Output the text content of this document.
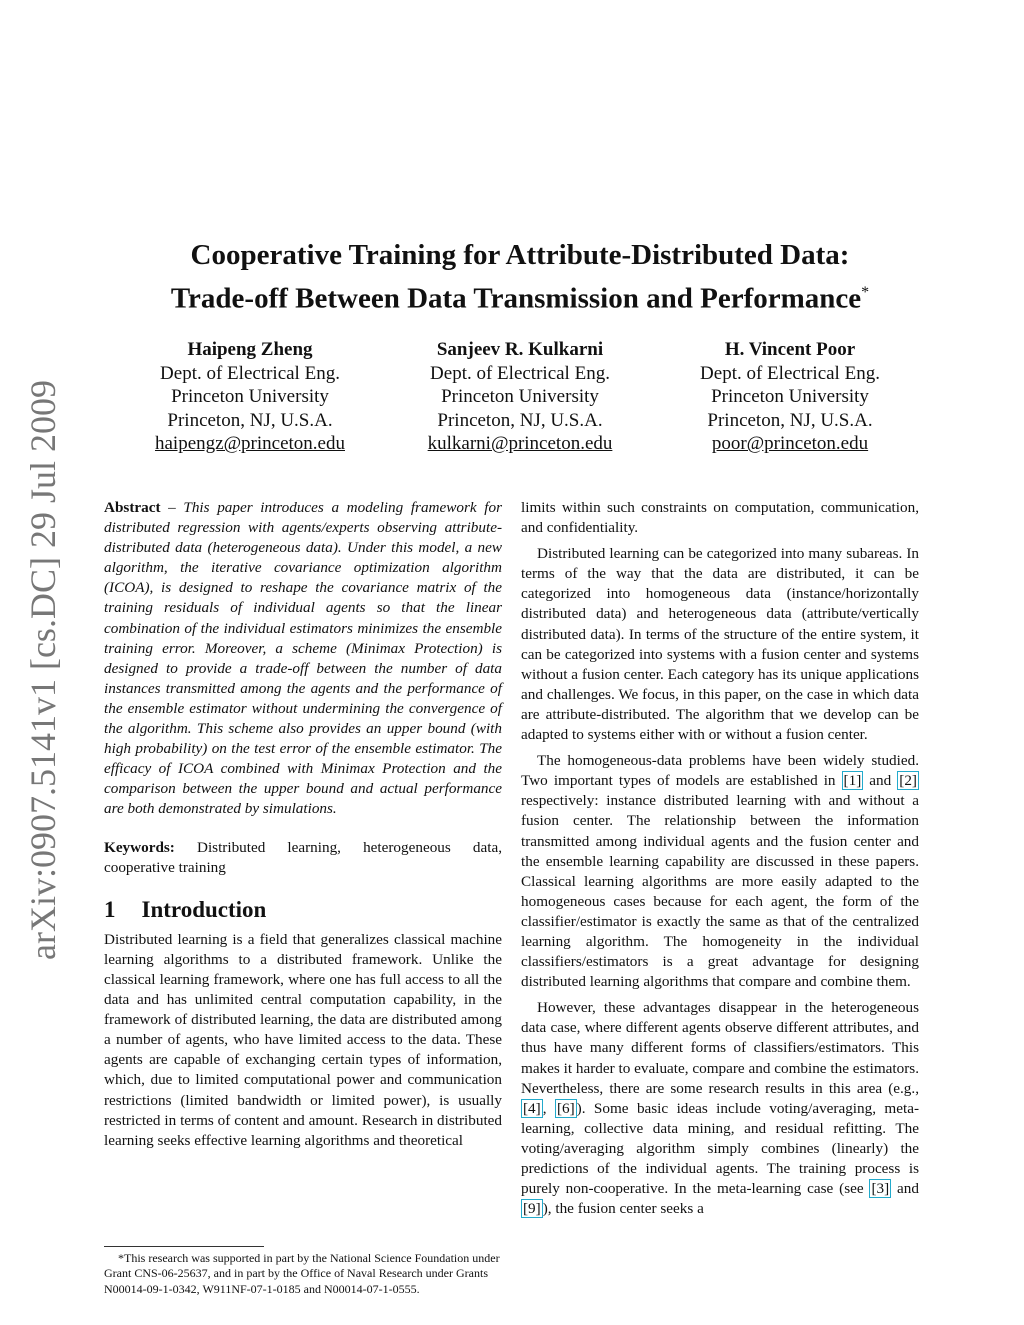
arXiv:0907.5141v1 [cs.DC] 29 Jul 2009
Cooperative Training for Attribute-Distributed Data:
Trade-off Between Data Transmission and Performance*
Haipeng Zheng
Dept. of Electrical Eng.
Princeton University
Princeton, NJ, U.S.A.
haipengz@princeton.edu
Sanjeev R. Kulkarni
Dept. of Electrical Eng.
Princeton University
Princeton, NJ, U.S.A.
kulkarni@princeton.edu
H. Vincent Poor
Dept. of Electrical Eng.
Princeton University
Princeton, NJ, U.S.A.
poor@princeton.edu

Abstract – This paper introduces a modeling framework for distributed regression with agents/experts observing attribute-distributed data (heterogeneous data). Under this model, a new algorithm, the iterative covariance optimization algorithm (ICOA), is designed to reshape the covariance matrix of the training residuals of individual agents so that the linear combination of the individual estimators minimizes the ensemble training error. Moreover, a scheme (Minimax Protection) is designed to provide a trade-off between the number of data instances transmitted among the agents and the performance of the ensemble estimator without undermining the convergence of the algorithm. This scheme also provides an upper bound (with high probability) on the test error of the ensemble estimator. The efficacy of ICOA combined with Minimax Protection and the comparison between the upper bound and actual performance are both demonstrated by simulations.

Keywords: Distributed learning, heterogeneous data, cooperative training

1 Introduction

Distributed learning is a field that generalizes classical machine learning algorithms to a distributed framework. Unlike the classical learning framework, where one has full access to all the data and has unlimited central computation capability, in the framework of distributed learning, the data are distributed among a number of agents, who have limited access to the data. These agents are capable of exchanging certain types of information, which, due to limited computational power and communication restrictions (limited bandwidth or limited power), is usually restricted in terms of content and amount. Research in distributed learning seeks effective learning algorithms and theoretical

limits within such constraints on computation, communication, and confidentiality.

Distributed learning can be categorized into many subareas. In terms of the way that the data are distributed, it can be categorized into homogeneous data (instance/horizontally distributed data) and heterogeneous data (attribute/vertically distributed data). In terms of the structure of the entire system, it can be categorized into systems with a fusion center and systems without a fusion center. Each category has its unique applications and challenges. We focus, in this paper, on the case in which data are attribute-distributed. The algorithm that we develop can be adapted to systems either with or without a fusion center.

The homogeneous-data problems have been widely studied. Two important types of models are established in [1] and [2] respectively: instance distributed learning with and without a fusion center. The relationship between the information transmitted among individual agents and the fusion center and the ensemble learning capability are discussed in these papers. Classical learning algorithms are more easily adapted to the homogeneous cases because for each agent, the form of the classifier/estimator is exactly the same as that of the centralized learning algorithm. The homogeneity in the individual classifiers/estimators is a great advantage for designing distributed learning algorithms that compare and combine them.

However, these advantages disappear in the heterogeneous data case, where different agents observe different attributes, and thus have many different forms of classifiers/estimators. This makes it harder to evaluate, compare and combine the estimators. Nevertheless, there are some research results in this area (e.g., [4] , [6] ). Some basic ideas include voting/averaging, meta-learning, collective data mining, and residual refitting. The voting/averaging algorithm simply combines (linearly) the predictions of the individual agents. The training process is purely non-cooperative. In the meta-learning case (see [3] and [9] ), the fusion center seeks a

*This research was supported in part by the National Science Foundation under Grant CNS-06-25637, and in part by the Office of Naval Research under Grants N00014-09-1-0342, W911NF-07-1-0185 and N00014-07-1-0555.
